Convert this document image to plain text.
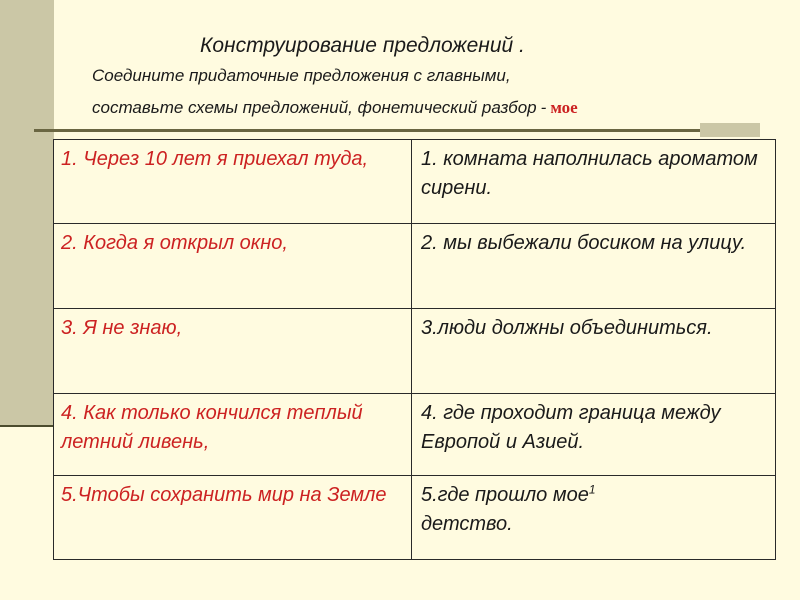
Конструирование предложений .
Соедините придаточные предложения с главными,
составьте схемы предложений, фонетический разбор - мое
1. Через 10 лет я приехал туда,	1. комната наполнилась ароматом сирени.
2. Когда я открыл окно,	2. мы выбежали босиком на улицу.
3. Я не знаю,	3.люди должны объединиться.
4. Как только кончился теплый летний ливень,	4. где проходит граница между Европой и Азией.
5.Чтобы сохранить мир на Земле	5.где прошло мое$^1$
детство.
